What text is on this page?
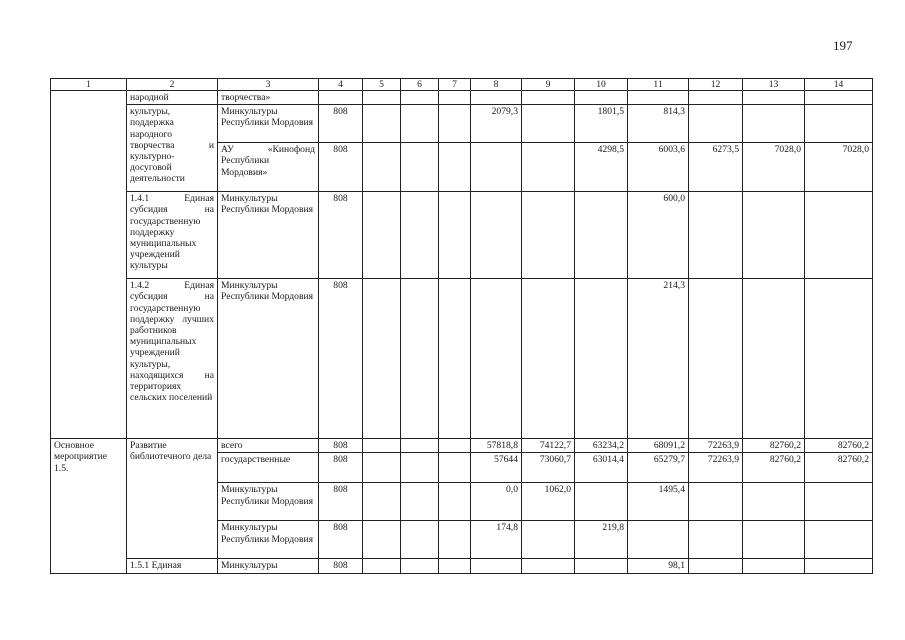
197
1	2	3	4	5	6	7	8	9	10	11	12	13	14
	народной	творчества»											
	культуры, поддержка народного творчества и культурно-досуговой деятельности	Минкультуры Республики Мордовия	808				2079,3		1801,5	814,3			
		АУ «Кинофонд Республики Мордовия»	808						4298,5	6003,6	6273,5	7028,0	7028,0
	1.4.1 Единая субсидия на государственную поддержку муниципальных учреждений культуры	Минкультуры Республики Мордовия	808							600,0			
	1.4.2 Единая субсидия на государственную поддержку лучших работников муниципальных учреждений культуры, находящихся на территориях сельских поселений	Минкультуры Республики Мордовия	808							214,3			
Основное мероприятие 1.5.	Развитие библиотечного дела	всего	808				57818,8	74122,7	63234,2	68091,2	72263,9	82760,2	82760,2
		государственные	808				57644	73060,7	63014,4	65279,7	72263,9	82760,2	82760,2
		Минкультуры Республики Мордовия	808				0,0	1062,0		1495,4			
		Минкультуры Республики Мордовия	808				174,8		219,8				
	1.5.1 Единая	Минкультуры	808							98,1			
